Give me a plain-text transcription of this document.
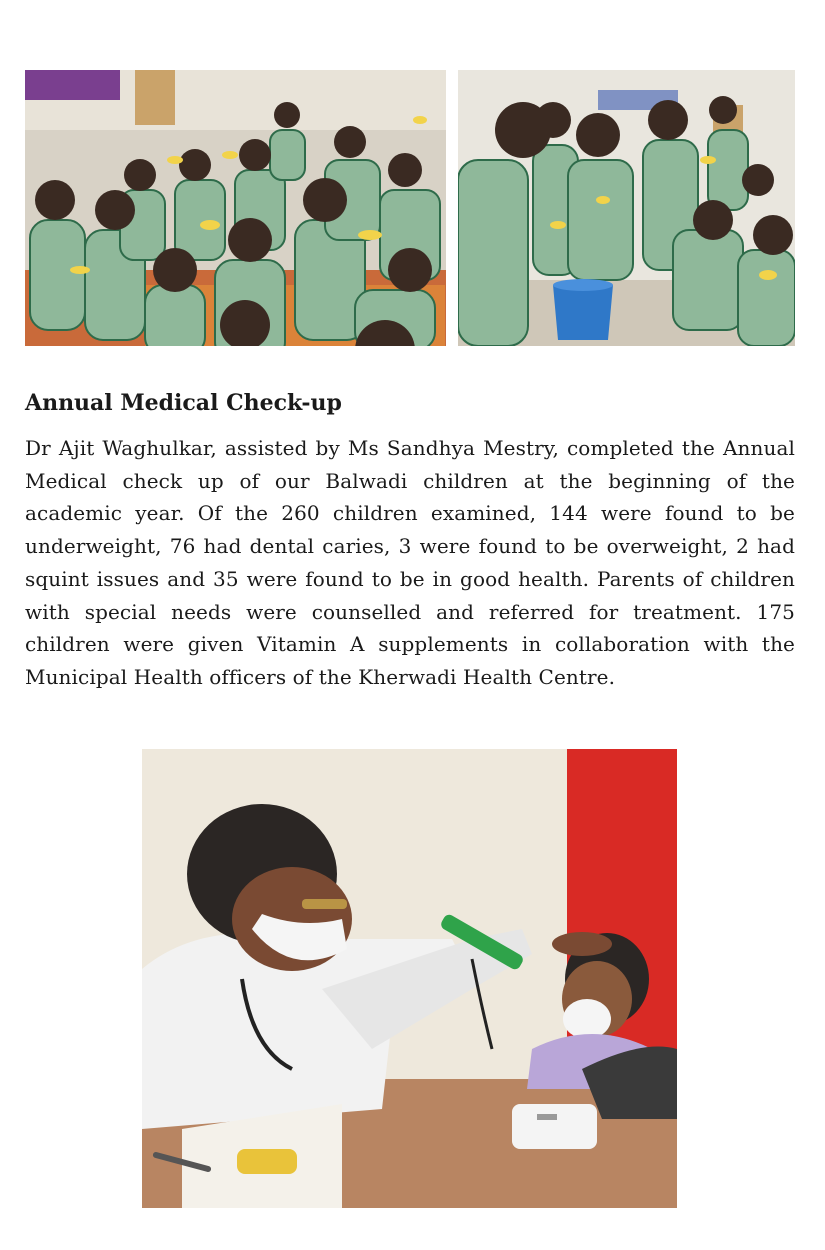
Annual Medical Check-up

Dr Ajit Waghulkar, assisted by Ms Sandhya Mestry, completed the Annual Medical check up of our Balwadi children at the beginning of the academic year. Of the 260 children examined, 144 were found to be underweight, 76 had dental caries, 3 were found to be overweight, 2 had squint issues and 35 were found to be in good health. Parents of children with special needs were counselled and referred for treatment. 175 children were given Vitamin A supplements in collaboration with the Municipal Health officers of the Kherwadi Health Centre.
